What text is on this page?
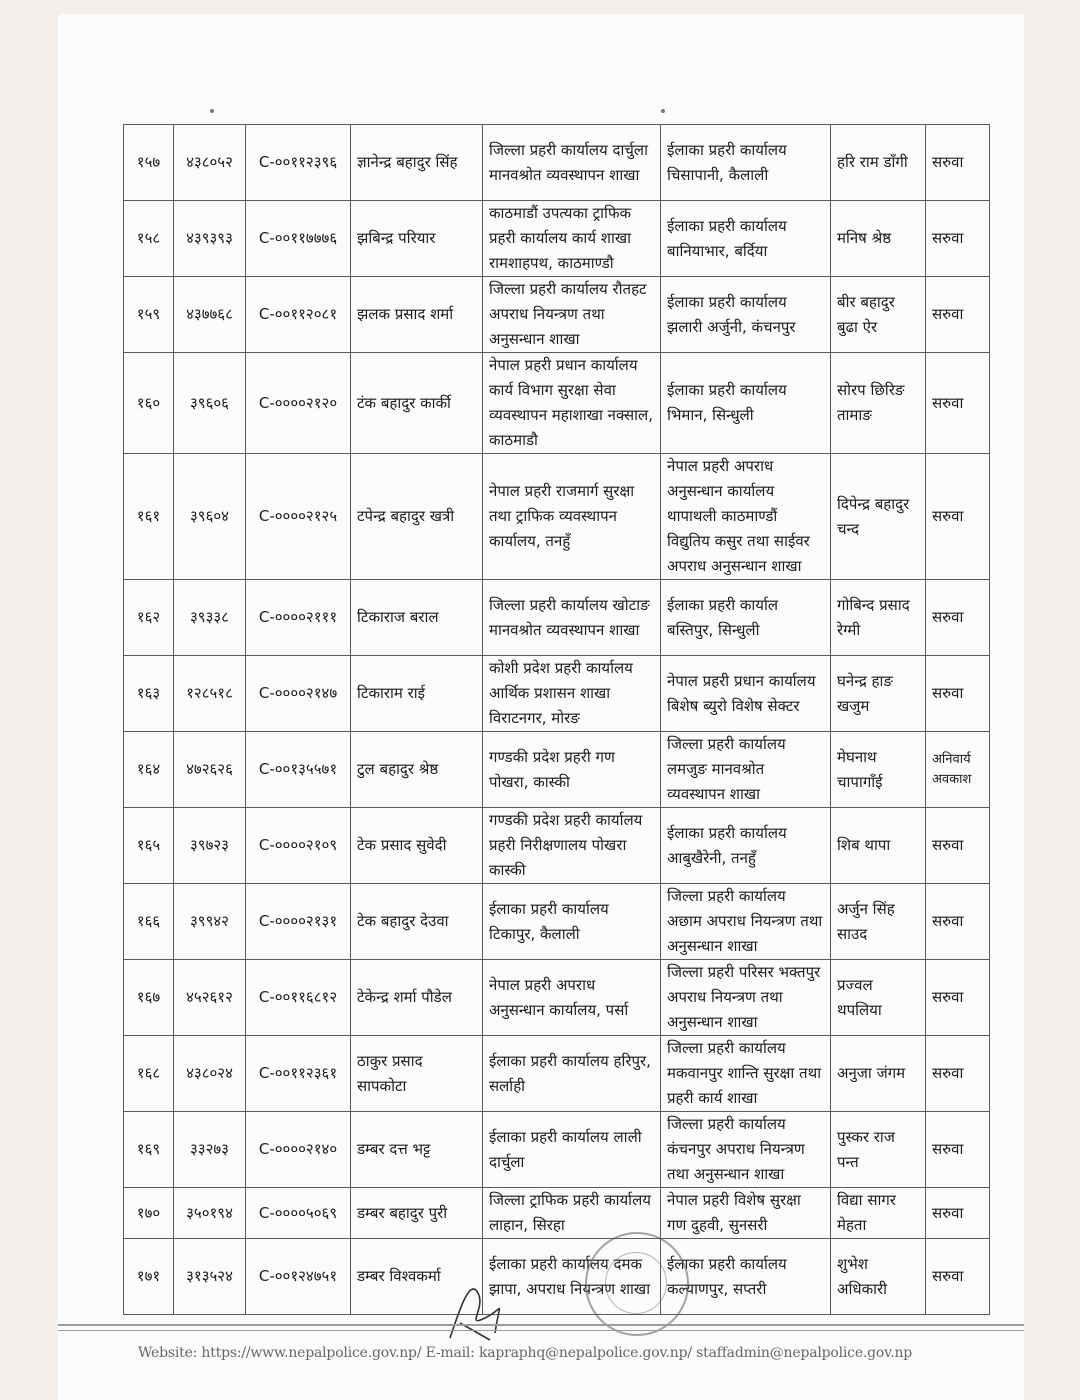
१५७	४३८०५२	C-००११२३९६	ज्ञानेन्द्र बहादुर सिंह	जिल्ला प्रहरी कार्यालय दार्चुला मानवश्रोत व्यवस्थापन शाखा	ईलाका प्रहरी कार्यालय चिसापानी, कैलाली	हरि राम डाँगी	सरुवा
१५८	४३९३९३	C-००११७७७६	झबिन्द्र परियार	काठमाडौं उपत्यका ट्राफिक प्रहरी कार्यालय कार्य शाखा रामशाहपथ, काठमाण्डौ	ईलाका प्रहरी कार्यालय बानियाभार, बर्दिया	मनिष श्रेष्ठ	सरुवा
१५९	४३७७६८	C-००११२०८१	झलक प्रसाद शर्मा	जिल्ला प्रहरी कार्यालय रौतहट अपराध नियन्त्रण तथा अनुसन्धान शाखा	ईलाका प्रहरी कार्यालय झलारी अर्जुनी, कंचनपुर	बीर बहादुर बुढा ऐर	सरुवा
१६०	३९६०६	C-००००२१२०	टंक बहादुर कार्की	नेपाल प्रहरी प्रधान कार्यालय कार्य विभाग सुरक्षा सेवा व्यवस्थापन महाशाखा नक्साल, काठमाडौ	ईलाका प्रहरी कार्यालय भिमान, सिन्धुली	सोरप छिरिङ तामाङ	सरुवा
१६१	३९६०४	C-००००२१२५	टपेन्द्र बहादुर खत्री	नेपाल प्रहरी राजमार्ग सुरक्षा तथा ट्राफिक व्यवस्थापन कार्यालय, तनहुँ	नेपाल प्रहरी अपराध अनुसन्धान कार्यालय थापाथली काठमाण्डौं विद्युतिय कसुर तथा साईवर अपराध अनुसन्धान शाखा	दिपेन्द्र बहादुर चन्द	सरुवा
१६२	३९३३८	C-००००२१११	टिकाराज बराल	जिल्ला प्रहरी कार्यालय खोटाङ मानवश्रोत व्यवस्थापन शाखा	ईलाका प्रहरी कार्याल बस्तिपुर, सिन्धुली	गोबिन्द प्रसाद रेग्मी	सरुवा
१६३	१२८५१८	C-००००२१४७	टिकाराम राई	कोशी प्रदेश प्रहरी कार्यालय आर्थिक प्रशासन शाखा विराटनगर, मोरङ	नेपाल प्रहरी प्रधान कार्यालय बिशेष ब्युरो विशेष सेक्टर	घनेन्द्र हाङ खजुम	सरुवा
१६४	४७२६२६	C-००१३५५७१	टुल बहादुर श्रेष्ठ	गण्डकी प्रदेश प्रहरी गण पोखरा, कास्की	जिल्ला प्रहरी कार्यालय लमजुङ मानवश्रोत व्यवस्थापन शाखा	मेघनाथ चापागाँई	अनिवार्य अवकाश
१६५	३९७२३	C-००००२१०९	टेक प्रसाद सुवेदी	गण्डकी प्रदेश प्रहरी कार्यालय प्रहरी निरीक्षणालय पोखरा कास्की	ईलाका प्रहरी कार्यालय आबुखैरेनी, तनहुँ	शिब थापा	सरुवा
१६६	३९९४२	C-००००२१३१	टेक बहादुर देउवा	ईलाका प्रहरी कार्यालय टिकापुर, कैलाली	जिल्ला प्रहरी कार्यालय अछाम अपराध नियन्त्रण तथा अनुसन्धान शाखा	अर्जुन सिंह साउद	सरुवा
१६७	४५२६१२	C-००११६८१२	टेकेन्द्र शर्मा पौडेल	नेपाल प्रहरी अपराध अनुसन्धान कार्यालय, पर्सा	जिल्ला प्रहरी परिसर भक्तपुर अपराध नियन्त्रण तथा अनुसन्धान शाखा	प्रज्वल थपलिया	सरुवा
१६८	४३८०२४	C-००११२३६१	ठाकुर प्रसाद सापकोटा	ईलाका प्रहरी कार्यालय हरिपुर, सर्लाही	जिल्ला प्रहरी कार्यालय मकवानपुर शान्ति सुरक्षा तथा प्रहरी कार्य शाखा	अनुजा जंगम	सरुवा
१६९	३३२७३	C-००००२१४०	डम्बर दत्त भट्ट	ईलाका प्रहरी कार्यालय लाली दार्चुला	जिल्ला प्रहरी कार्यालय कंचनपुर अपराध नियन्त्रण तथा अनुसन्धान शाखा	पुस्कर राज पन्त	सरुवा
१७०	३५०१९४	C-००००५०६९	डम्बर बहादुर पुरी	जिल्ला ट्राफिक प्रहरी कार्यालय लाहान, सिरहा	नेपाल प्रहरी विशेष सुरक्षा गण दुहवी, सुनसरी	विद्या सागर मेहता	सरुवा
१७१	३१३५२४	C-००१२४७५१	डम्बर विश्वकर्मा	ईलाका प्रहरी कार्यालय दमक झापा, अपराध नियन्त्रण शाखा	ईलाका प्रहरी कार्यालय कल्याणपुर, सप्तरी	शुभेश अधिकारी	सरुवा
Website: https://www.nepalpolice.gov.np/ E-mail: kapraphq@nepalpolice.gov.np/ staffadmin@nepalpolice.gov.np
